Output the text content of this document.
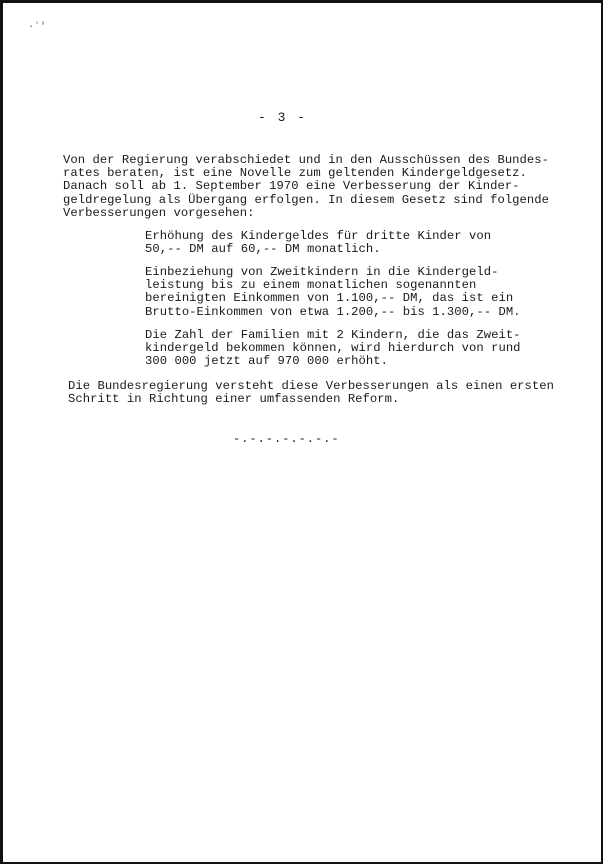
·ʼ'
- 3 -
Von der Regierung verabschiedet und in den Ausschüssen des Bundes-
rates beraten, ist eine Novelle zum geltenden Kindergeldgesetz.
Danach soll ab 1. September 1970 eine Verbesserung der Kinder-
geldregelung als Übergang erfolgen. In diesem Gesetz sind folgende
Verbesserungen vorgesehen:
Erhöhung des Kindergeldes für dritte Kinder von
50,-- DM auf 60,-- DM monatlich.
Einbeziehung von Zweitkindern in die Kindergeld-
leistung bis zu einem monatlichen sogenannten
bereinigten Einkommen von 1.100,-- DM, das ist ein
Brutto-Einkommen von etwa 1.200,-- bis 1.300,-- DM.
Die Zahl der Familien mit 2 Kindern, die das Zweit-
kindergeld bekommen können, wird hierdurch von rund
300 000 jetzt auf 970 000 erhöht.
Die Bundesregierung versteht diese Verbesserungen als einen ersten
Schritt in Richtung einer umfassenden Reform.
-.-.-.-.-.-.-
